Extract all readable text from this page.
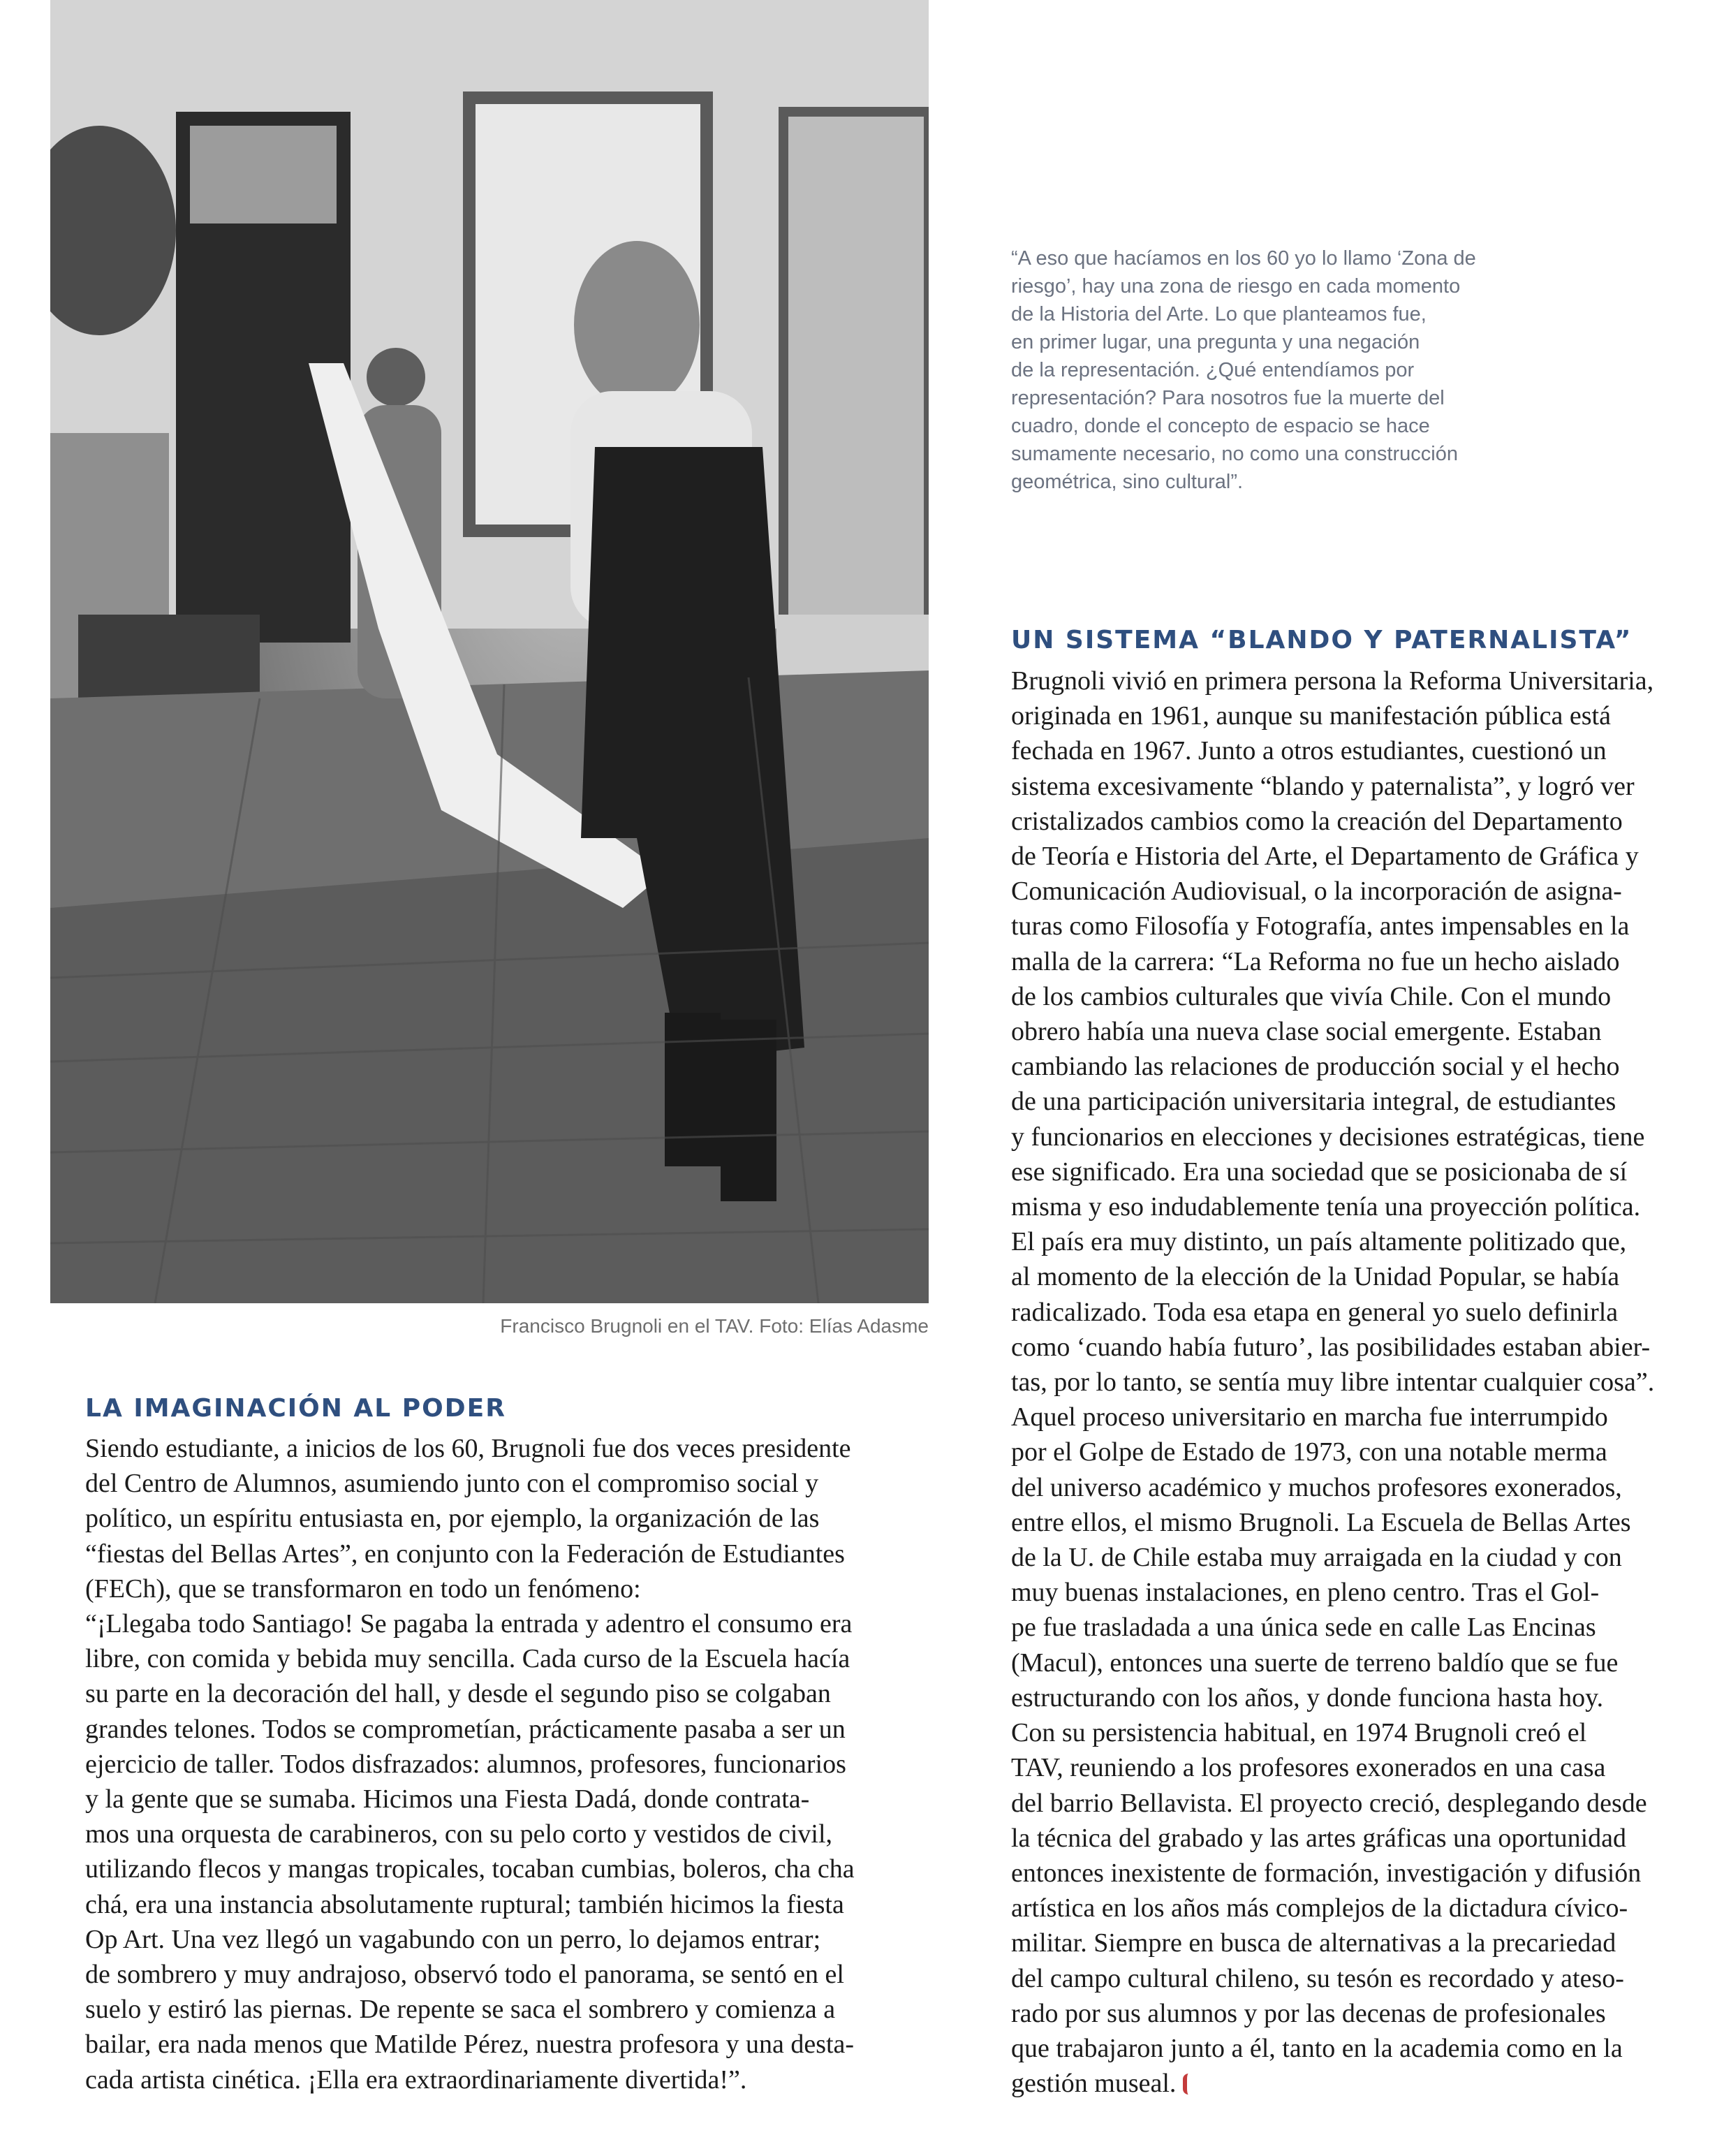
Francisco Brugnoli en el TAV. Foto: Elías Adasme
“A eso que hacíamos en los 60 yo lo llamo ‘Zona de
riesgo’, hay una zona de riesgo en cada momento
de la Historia del Arte. Lo que planteamos fue,
en primer lugar, una pregunta y una negación
de la representación. ¿Qué entendíamos por
representación? Para nosotros fue la muerte del
cuadro, donde el concepto de espacio se hace
sumamente necesario, no como una construcción
geométrica, sino cultural”.
UN SISTEMA “BLANDO Y PATERNALISTA”
Brugnoli vivió en primera persona la Reforma Universitaria,
originada en 1961, aunque su manifestación pública está
fechada en 1967. Junto a otros estudiantes, cuestionó un
sistema excesivamente “blando y paternalista”, y logró ver
cristalizados cambios como la creación del Departamento
de Teoría e Historia del Arte, el Departamento de Gráfica y
Comunicación Audiovisual, o la incorporación de asigna-
turas como Filosofía y Fotografía, antes impensables en la
malla de la carrera: “La Reforma no fue un hecho aislado
de los cambios culturales que vivía Chile. Con el mundo
obrero había una nueva clase social emergente. Estaban
cambiando las relaciones de producción social y el hecho
de una participación universitaria integral, de estudiantes
y funcionarios en elecciones y decisiones estratégicas, tiene
ese significado. Era una sociedad que se posicionaba de sí
misma y eso indudablemente tenía una proyección política.
El país era muy distinto, un país altamente politizado que,
al momento de la elección de la Unidad Popular, se había
radicalizado. Toda esa etapa en general yo suelo definirla
como ‘cuando había futuro’, las posibilidades estaban abier-
tas, por lo tanto, se sentía muy libre intentar cualquier cosa”.
Aquel proceso universitario en marcha fue interrumpido
por el Golpe de Estado de 1973, con una notable merma
del universo académico y muchos profesores exonerados,
entre ellos, el mismo Brugnoli. La Escuela de Bellas Artes
de la U. de Chile estaba muy arraigada en la ciudad y con
muy buenas instalaciones, en pleno centro. Tras el Gol-
pe fue trasladada a una única sede en calle Las Encinas
(Macul), entonces una suerte de terreno baldío que se fue
estructurando con los años, y donde funciona hasta hoy.
Con su persistencia habitual, en 1974 Brugnoli creó el
TAV, reuniendo a los profesores exonerados en una casa
del barrio Bellavista. El proyecto creció, desplegando desde
la técnica del grabado y las artes gráficas una oportunidad
entonces inexistente de formación, investigación y difusión
artística en los años más complejos de la dictadura cívico-
militar. Siempre en busca de alternativas a la precariedad
del campo cultural chileno, su tesón es recordado y ateso-
rado por sus alumnos y por las decenas de profesionales
que trabajaron junto a él, tanto en la academia como en la
gestión museal.
LA IMAGINACIÓN AL PODER
Siendo estudiante, a inicios de los 60, Brugnoli fue dos veces presidente
del Centro de Alumnos, asumiendo junto con el compromiso social y
político, un espíritu entusiasta en, por ejemplo, la organización de las
“fiestas del Bellas Artes”, en conjunto con la Federación de Estudiantes
(FECh), que se transformaron en todo un fenómeno:
“¡Llegaba todo Santiago! Se pagaba la entrada y adentro el consumo era
libre, con comida y bebida muy sencilla. Cada curso de la Escuela hacía
su parte en la decoración del hall, y desde el segundo piso se colgaban
grandes telones. Todos se comprometían, prácticamente pasaba a ser un
ejercicio de taller. Todos disfrazados: alumnos, profesores, funcionarios
y la gente que se sumaba. Hicimos una Fiesta Dadá, donde contrata-
mos una orquesta de carabineros, con su pelo corto y vestidos de civil,
utilizando flecos y mangas tropicales, tocaban cumbias, boleros, cha cha
chá, era una instancia absolutamente ruptural; también hicimos la fiesta
Op Art. Una vez llegó un vagabundo con un perro, lo dejamos entrar;
de sombrero y muy andrajoso, observó todo el panorama, se sentó en el
suelo y estiró las piernas. De repente se saca el sombrero y comienza a
bailar, era nada menos que Matilde Pérez, nuestra profesora y una desta-
cada artista cinética. ¡Ella era extraordinariamente divertida!”.
